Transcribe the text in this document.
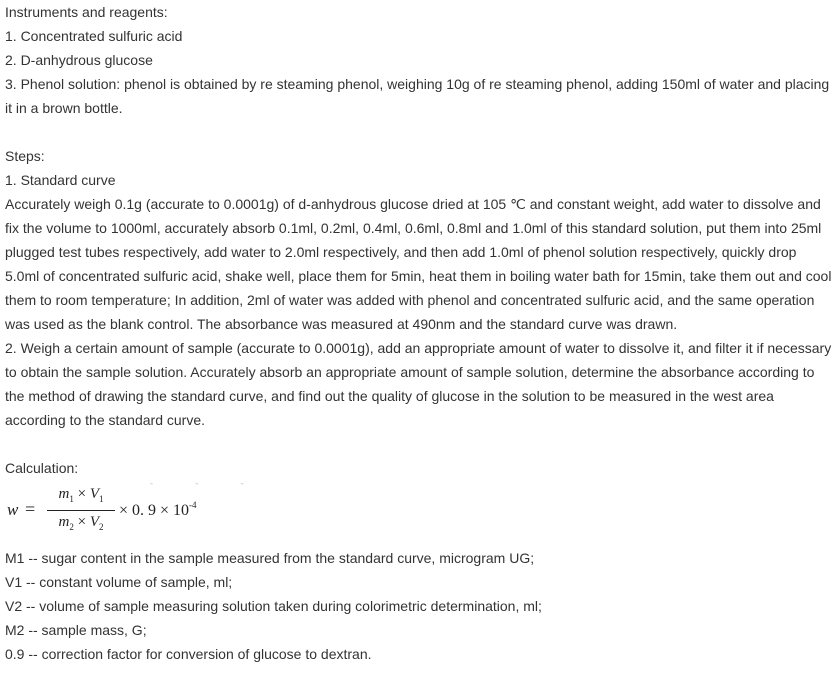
Instruments and reagents:
1. Concentrated sulfuric acid
2. D-anhydrous glucose
3. Phenol solution: phenol is obtained by re steaming phenol, weighing 10g of re steaming phenol, adding 150ml of water and placing it in a brown bottle.
Steps:
1. Standard curve
Accurately weigh 0.1g (accurate to 0.0001g) of d-anhydrous glucose dried at 105 ℃ and constant weight, add water to dissolve and fix the volume to 1000ml, accurately absorb 0.1ml, 0.2ml, 0.4ml, 0.6ml, 0.8ml and 1.0ml of this standard solution, put them into 25ml plugged test tubes respectively, add water to 2.0ml respectively, and then add 1.0ml of phenol solution respectively, quickly drop 5.0ml of concentrated sulfuric acid, shake well, place them for 5min, heat them in boiling water bath for 15min, take them out and cool them to room temperature; In addition, 2ml of water was added with phenol and concentrated sulfuric acid, and the same operation was used as the blank control. The absorbance was measured at 490nm and the standard curve was drawn.
2. Weigh a certain amount of sample (accurate to 0.0001g), add an appropriate amount of water to dissolve it, and filter it if necessary to obtain the sample solution. Accurately absorb an appropriate amount of sample solution, determine the absorbance according to the method of drawing the standard curve, and find out the quality of glucose in the solution to be measured in the west area according to the standard curve.
Calculation:
- - -
w =
$m_1 \times V_1$
$m_2 \times V_2$
× 0. $9 \times 10^{-4}$
M1 -- sugar content in the sample measured from the standard curve, microgram UG;
V1 -- constant volume of sample, ml;
V2 -- volume of sample measuring solution taken during colorimetric determination, ml;
M2 -- sample mass, G;
0.9 -- correction factor for conversion of glucose to dextran.
